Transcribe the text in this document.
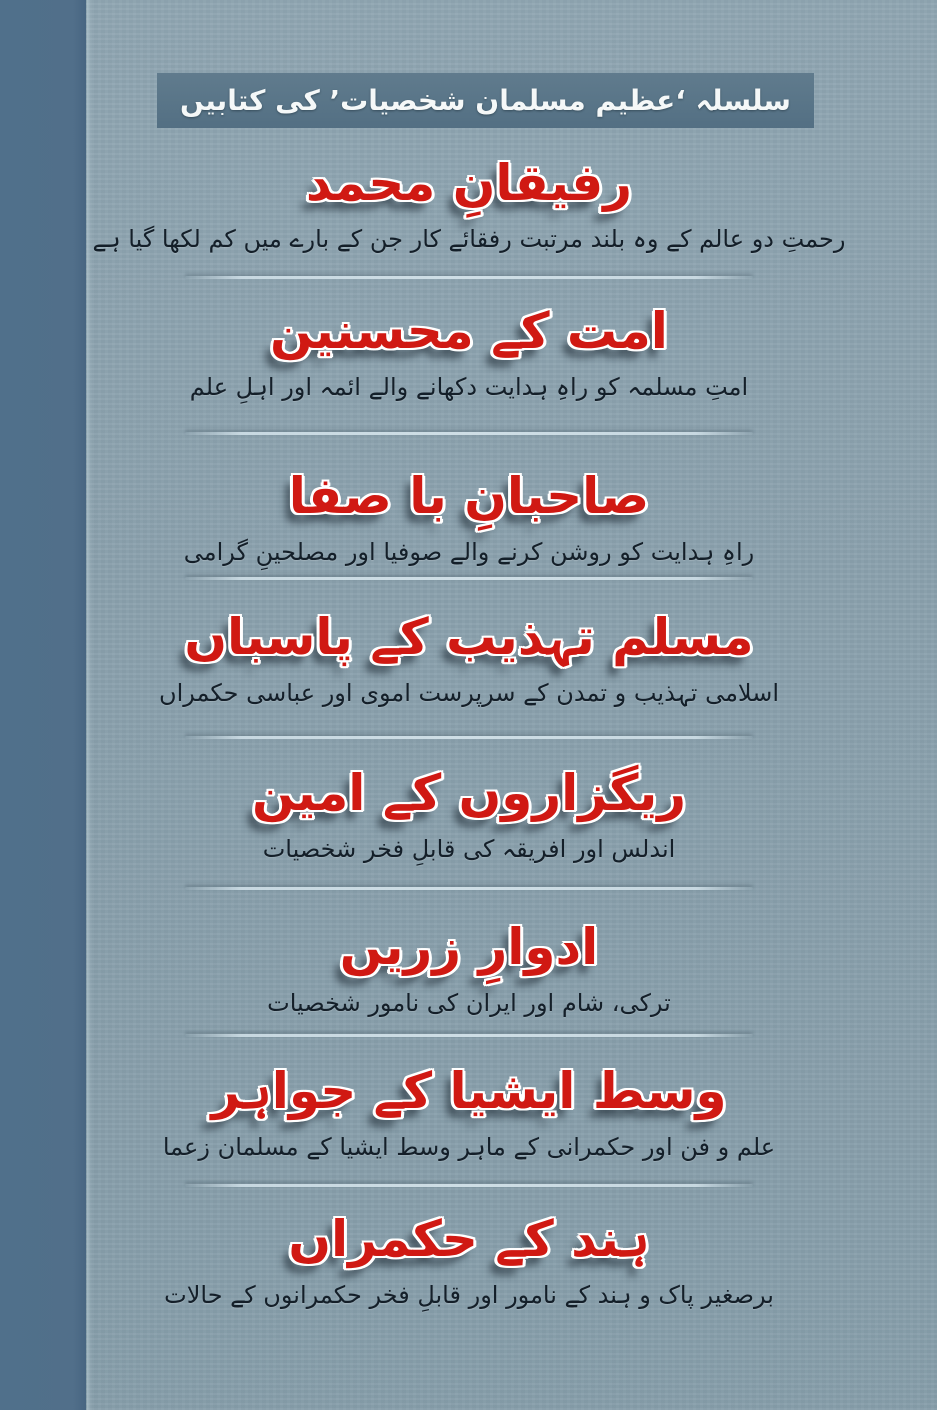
سلسلہ ‘عظیم مسلمان شخصیات’ کی کتابیں
رفیقانِ محمد
رحمتِ دو عالم کے وہ بلند مرتبت رفقائے کار جن کے بارے میں کم لکھا گیا ہے
امت کے محسنین
امتِ مسلمہ کو راہِ ہدایت دکھانے والے ائمہ اور اہلِ علم
صاحبانِ با صفا
راہِ ہدایت کو روشن کرنے والے صوفیا اور مصلحینِ گرامی
مسلم تہذیب کے پاسباں
اسلامی تہذیب و تمدن کے سرپرست اموی اور عباسی حکمراں
ریگزاروں کے امین
اندلس اور افریقہ کی قابلِ فخر شخصیات
ادوارِ زریں
ترکی، شام اور ایران کی نامور شخصیات
وسط ایشیا کے جواہر
علم و فن اور حکمرانی کے ماہر وسط ایشیا کے مسلمان زعما
ہند کے حکمراں
برصغیر پاک و ہند کے نامور اور قابلِ فخر حکمرانوں کے حالات
